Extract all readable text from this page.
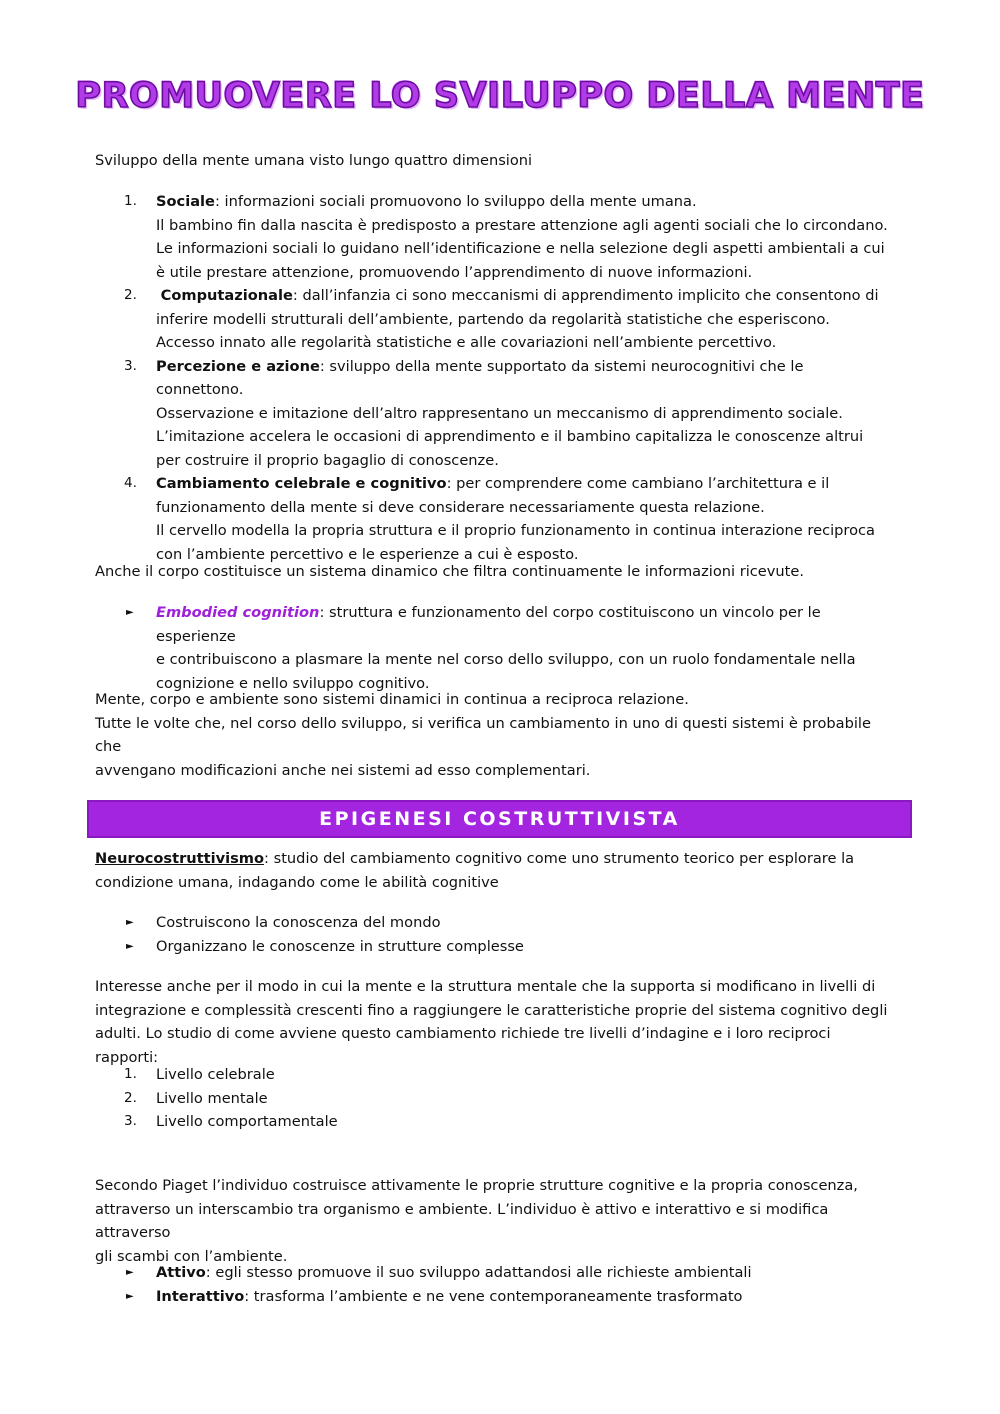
PROMUOVERE LO SVILUPPO DELLA MENTE

Sviluppo della mente umana visto lungo quattro dimensioni

1. Sociale: informazioni sociali promuovono lo sviluppo della mente umana.
Il bambino fin dalla nascita è predisposto a prestare attenzione agli agenti sociali che lo circondano.
Le informazioni sociali lo guidano nell’identificazione e nella selezione degli aspetti ambientali a cui
è utile prestare attenzione, promuovendo l’apprendimento di nuove informazioni.
2. Computazionale: dall’infanzia ci sono meccanismi di apprendimento implicito che consentono di
inferire modelli strutturali dell’ambiente, partendo da regolarità statistiche che esperiscono.
Accesso innato alle regolarità statistiche e alle covariazioni nell’ambiente percettivo.
3. Percezione e azione: sviluppo della mente supportato da sistemi neurocognitivi che le connettono.
Osservazione e imitazione dell’altro rappresentano un meccanismo di apprendimento sociale.
L’imitazione accelera le occasioni di apprendimento e il bambino capitalizza le conoscenze altrui
per costruire il proprio bagaglio di conoscenze.
4. Cambiamento celebrale e cognitivo: per comprendere come cambiano l’architettura e il
funzionamento della mente si deve considerare necessariamente questa relazione.
Il cervello modella la propria struttura e il proprio funzionamento in continua interazione reciproca
con l’ambiente percettivo e le esperienze a cui è esposto.

Anche il corpo costituisce un sistema dinamico che filtra continuamente le informazioni ricevute.

► Embodied cognition: struttura e funzionamento del corpo costituiscono un vincolo per le esperienze
e contribuiscono a plasmare la mente nel corso dello sviluppo, con un ruolo fondamentale nella
cognizione e nello sviluppo cognitivo.
Mente, corpo e ambiente sono sistemi dinamici in continua a reciproca relazione.
Tutte le volte che, nel corso dello sviluppo, si verifica un cambiamento in uno di questi sistemi è probabile che
avvengano modificazioni anche nei sistemi ad esso complementari.
EPIGENESI COSTRUTTIVISTA
Neurocostruttivismo: studio del cambiamento cognitivo come uno strumento teorico per esplorare la
condizione umana, indagando come le abilità cognitive
► Costruiscono la conoscenza del mondo
► Organizzano le conoscenze in strutture complesse
Interesse anche per il modo in cui la mente e la struttura mentale che la supporta si modificano in livelli di
integrazione e complessità crescenti fino a raggiungere le caratteristiche proprie del sistema cognitivo degli
adulti. Lo studio di come avviene questo cambiamento richiede tre livelli d’indagine e i loro reciproci rapporti:
1. Livello celebrale
2. Livello mentale
3. Livello comportamentale
Secondo Piaget l’individuo costruisce attivamente le proprie strutture cognitive e la propria conoscenza,
attraverso un interscambio tra organismo e ambiente. L’individuo è attivo e interattivo e si modifica attraverso
gli scambi con l’ambiente.
► Attivo: egli stesso promuove il suo sviluppo adattandosi alle richieste ambientali
► Interattivo: trasforma l’ambiente e ne vene contemporaneamente trasformato
